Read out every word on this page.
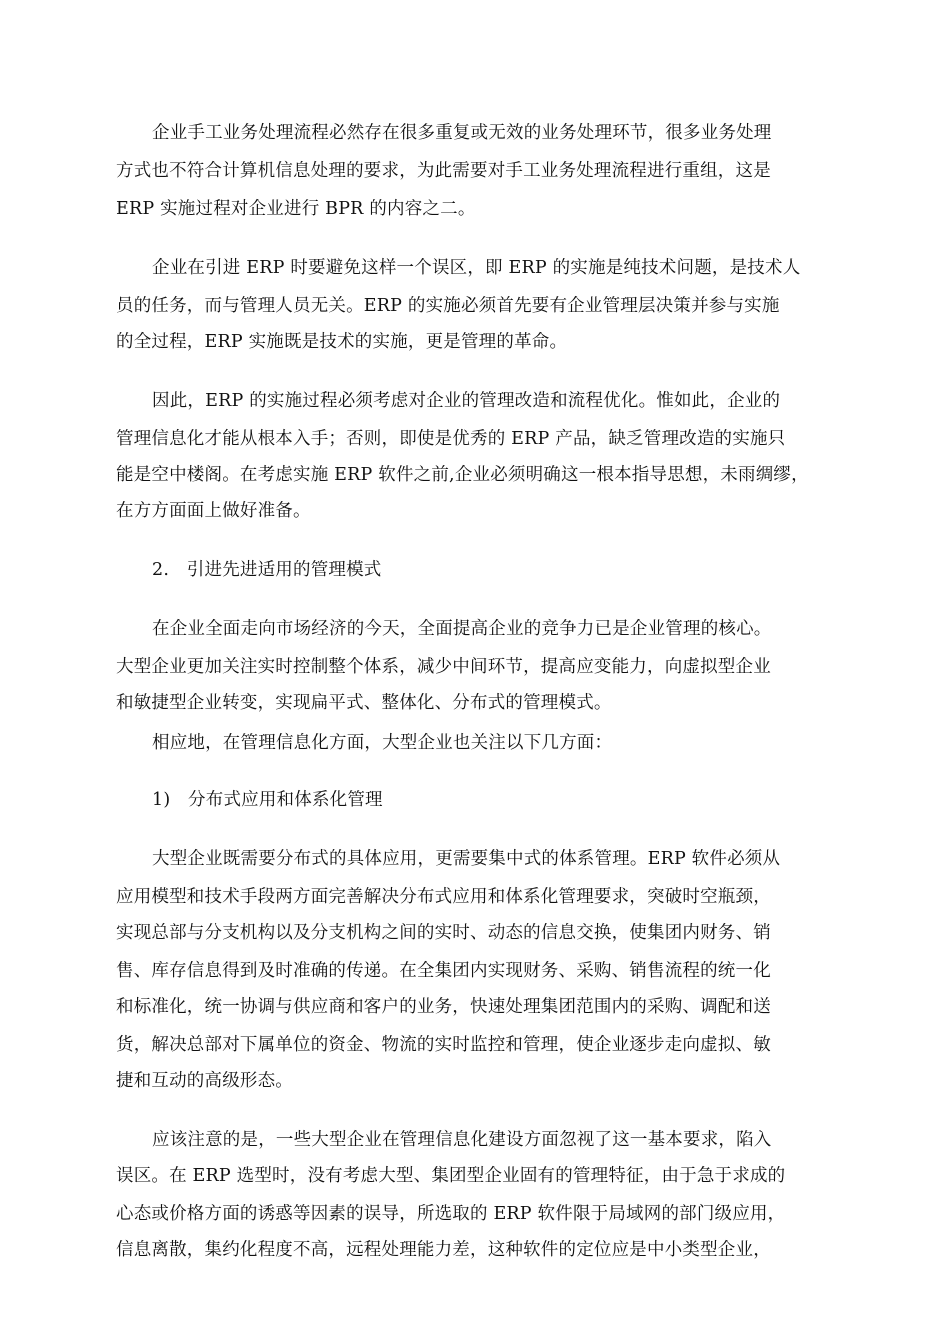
企业手工业务处理流程必然存在很多重复或无效的业务处理环节，很多业务处理
方式也不符合计算机信息处理的要求，为此需要对手工业务处理流程进行重组，这是
ERP 实施过程对企业进行 BPR 的内容之二。
企业在引进 ERP 时要避免这样一个误区，即 ERP 的实施是纯技术问题，是技术人
员的任务，而与管理人员无关。ERP 的实施必须首先要有企业管理层决策并参与实施
的全过程，ERP 实施既是技术的实施，更是管理的革命。
因此，ERP 的实施过程必须考虑对企业的管理改造和流程优化。惟如此，企业的
管理信息化才能从根本入手；否则，即使是优秀的 ERP 产品，缺乏管理改造的实施只
能是空中楼阁。在考虑实施 ERP 软件之前,企业必须明确这一根本指导思想，未雨绸缪，
在方方面面上做好准备。
2.　引进先进适用的管理模式
在企业全面走向市场经济的今天，全面提高企业的竞争力已是企业管理的核心。
大型企业更加关注实时控制整个体系，减少中间环节，提高应变能力，向虚拟型企业
和敏捷型企业转变，实现扁平式、整体化、分布式的管理模式。
相应地，在管理信息化方面，大型企业也关注以下几方面：
1)　分布式应用和体系化管理
大型企业既需要分布式的具体应用，更需要集中式的体系管理。ERP 软件必须从
应用模型和技术手段两方面完善解决分布式应用和体系化管理要求，突破时空瓶颈，
实现总部与分支机构以及分支机构之间的实时、动态的信息交换，使集团内财务、销
售、库存信息得到及时准确的传递。在全集团内实现财务、采购、销售流程的统一化
和标准化，统一协调与供应商和客户的业务，快速处理集团范围内的采购、调配和送
货，解决总部对下属单位的资金、物流的实时监控和管理，使企业逐步走向虚拟、敏
捷和互动的高级形态。
应该注意的是，一些大型企业在管理信息化建设方面忽视了这一基本要求，陷入
误区。在 ERP 选型时，没有考虑大型、集团型企业固有的管理特征，由于急于求成的
心态或价格方面的诱惑等因素的误导，所选取的 ERP 软件限于局域网的部门级应用，
信息离散，集约化程度不高，远程处理能力差，这种软件的定位应是中小类型企业，
